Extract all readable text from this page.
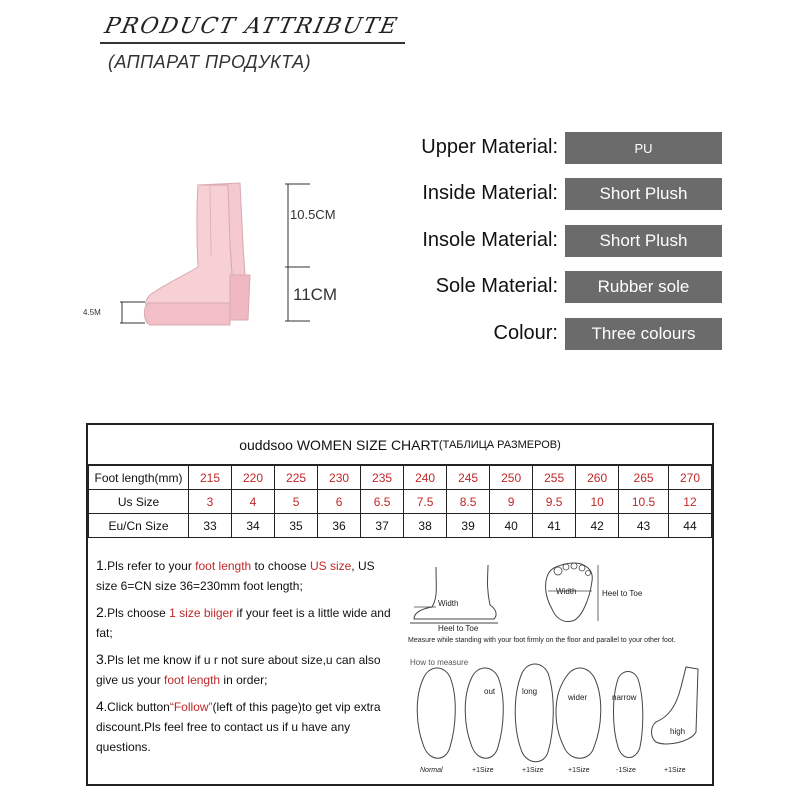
PRODUCT ATTRIBUTE
(АППАРАТ ПРОДУКТА)
10.5CM
11CM
4.5M
Upper Material:	PU
Inside Material:	Short Plush
Insole Material:	Short Plush
Sole Material:	Rubber sole
Colour:	Three colours
ouddsoo WOMEN SIZE CHART (ТАБЛИЦА РАЗМЕРОВ)
Foot length(mm)	215	220	225	230	235	240	245	250	255	260	265	270
Us Size	3	4	5	6	6.5	7.5	8.5	9	9.5	10	10.5	12
Eu/Cn Size	33	34	35	36	37	38	39	40	41	42	43	44

1.Pls refer to your foot length to choose US size, US size 6=CN size 36=230mm foot length;

2.Pls choose 1 size biiger if your feet is a little wide and fat;

3.Pls let me know if u r not sure about size,u can also give us your foot length in order;

4.Click button“Follow”(left of this page)to get vip extra discount.Pls feel free to contact us if u have any questions.

Width
Heel to Toe
Width	Heel to Toe
Measure while standing with your foot firmly on the floor and parallel to your other foot.
How to measure
out	long
wider	narrow
high
Normal	+1Size	+1Size	+1Size	-1Size	+1Size
